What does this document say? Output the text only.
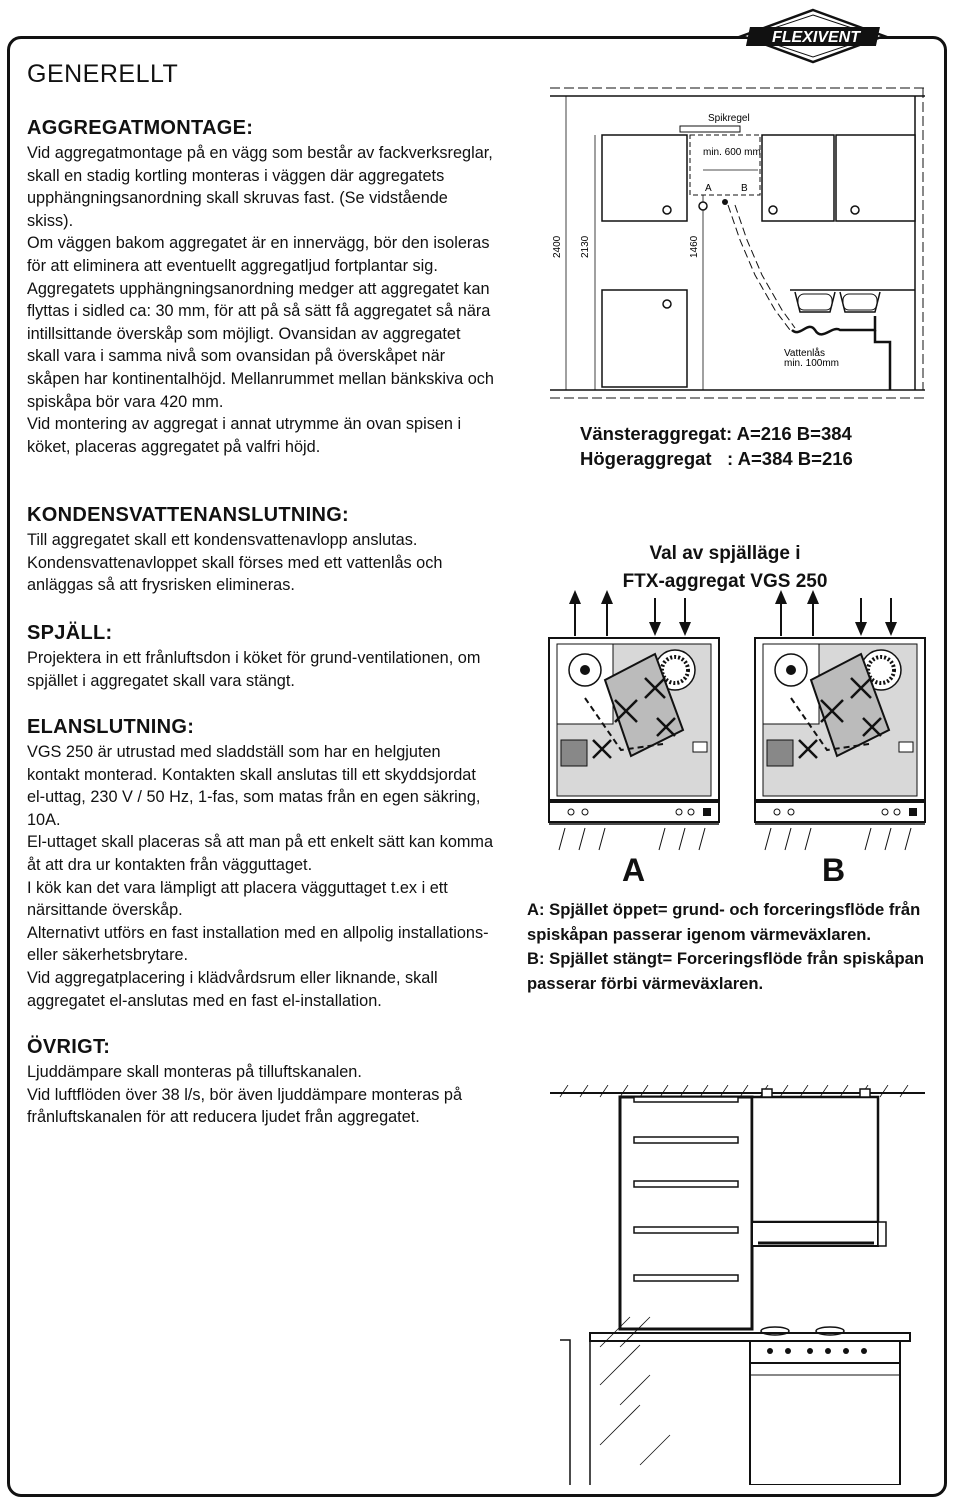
FLEXIVENT
GENERELLT
AGGREGATMONTAGE:

Vid aggregatmontage på en vägg som består av fackverksreglar, skall en stadig kortling monteras i väggen där aggregatets upphängningsanordning skall skruvas fast. (Se vidstående skiss).

Om väggen bakom aggregatet är en innervägg, bör den isoleras för att eliminera att eventuellt aggregatljud fortplantar sig. Aggregatets upphängningsanordning medger att aggregatet kan flyttas i sidled ca: 30 mm, för att på så sätt få aggregatet så nära intillsittande överskåp som möjligt. Ovansidan av aggregatet skall vara i samma nivå som ovansidan på överskåpet när skåpen har kontinentalhöjd. Mellanrummet mellan bänkskiva och spiskåpa bör vara 420 mm.

Vid montering av aggregat i annat utrymme än ovan spisen i köket, placeras aggregatet på valfri höjd.

KONDENSVATTENANSLUTNING:

Till aggregatet skall ett kondensvattenavlopp anslutas.

Kondensvattenavloppet skall förses med ett vattenlås och anläggas så att frysrisken elimineras.

SPJÄLL:

Projektera in ett frånluftsdon i köket för grund-ventilationen, om spjället i aggregatet skall vara stängt.

ELANSLUTNING:

VGS 250 är utrustad med sladdställ som har en helgjuten kontakt monterad. Kontakten skall anslutas till ett skyddsjordat el-uttag, 230 V / 50 Hz, 1-fas, som matas från en egen säkring, 10A.

El-uttaget skall placeras så att man på ett enkelt sätt kan komma åt att dra ur kontakten från vägguttaget.

I kök kan det vara lämpligt att placera vägguttaget t.ex i ett närsittande överskåp.

Alternativt utförs en fast installation med en allpolig installations- eller säkerhetsbrytare.

Vid aggregatplacering i klädvårdsrum eller liknande, skall aggregatet el-anslutas med en fast el-installation.

ÖVRIGT:

Ljuddämpare skall monteras på tilluftskanalen.

Vid luftflöden över 38 l/s, bör även ljuddämpare monteras på frånluftskanalen för att reducera ljudet från aggregatet.

Spikregel
min. 600 mm
A	B
2400 2130	1460
Vattenlås
min. 100mm
Vänsteraggregat: A=216 B=384
Högeraggregat   : A=384 B=216
Val av spjälläge i
FTX-aggregat VGS 250
A	B

A: Spjället öppet= grund- och forceringsflöde från spiskåpan passerar igenom värmeväxlaren.

B: Spjället stängt= Forceringsflöde från spiskåpan passerar förbi värmeväxlaren.
